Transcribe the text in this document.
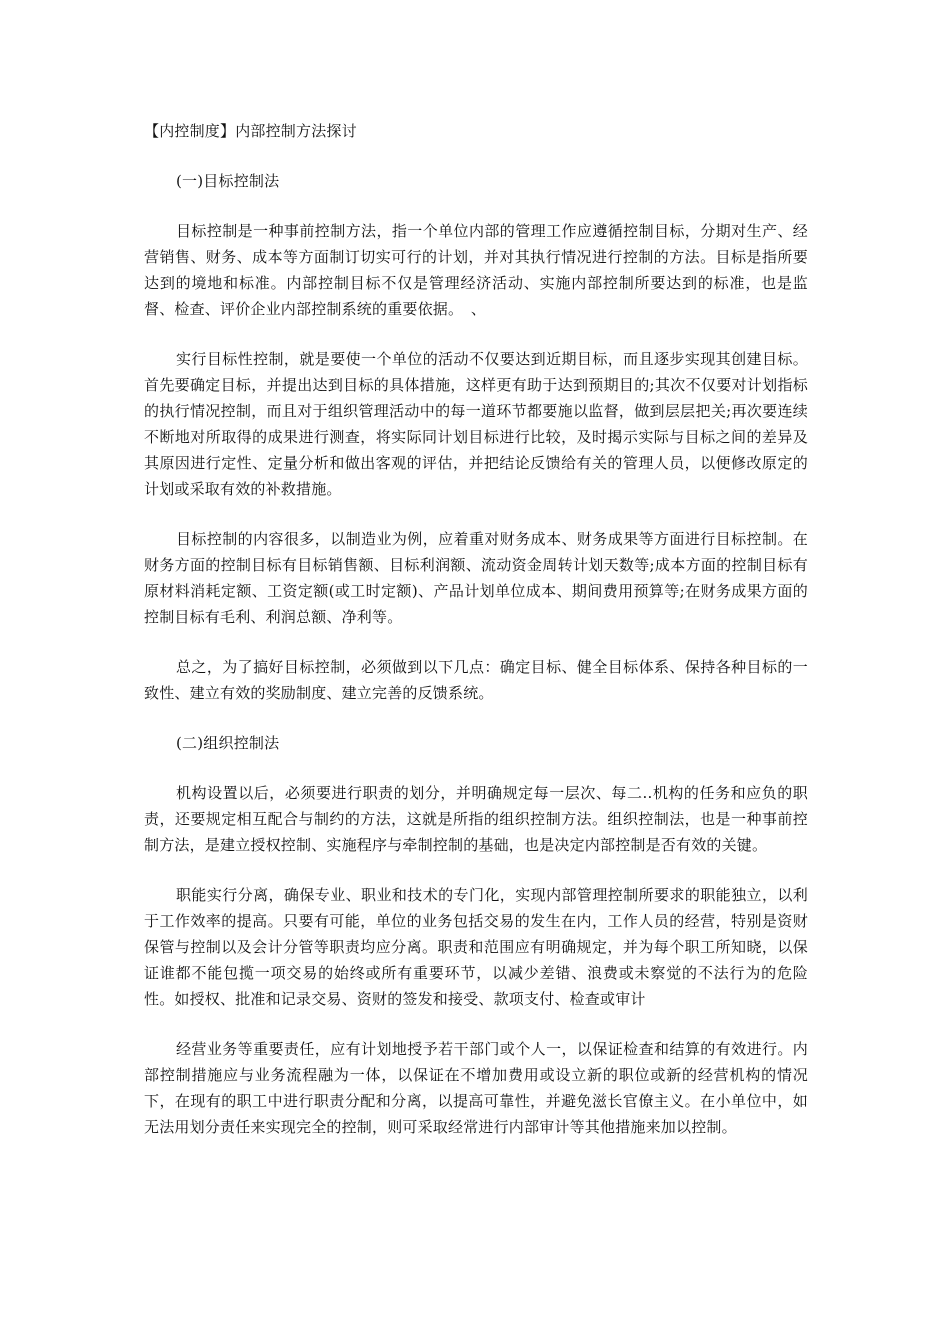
【内控制度】内部控制方法探讨

(一)目标控制法

目标控制是一种事前控制方法，指一个单位内部的管理工作应遵循控制目标，分期对生产、经营销售、财务、成本等方面制订切实可行的计划，并对其执行情况进行控制的方法。目标是指所要达到的境地和标准。内部控制目标不仅是管理经济活动、实施内部控制所要达到的标准，也是监督、检查、评价企业内部控制系统的重要依据。　、

实行目标性控制，就是要使一个单位的活动不仅要达到近期目标，而且逐步实现其创建目标。首先要确定目标，并提出达到目标的具体措施，这样更有助于达到预期目的;其次不仅要对计划指标的执行情况控制，而且对于组织管理活动中的每一道环节都要施以监督，做到层层把关;再次要连续不断地对所取得的成果进行测查，将实际同计划目标进行比较，及时揭示实际与目标之间的差异及其原因进行定性、定量分析和做出客观的评估，并把结论反馈给有关的管理人员，以便修改原定的计划或采取有效的补救措施。

目标控制的内容很多，以制造业为例，应着重对财务成本、财务成果等方面进行目标控制。在财务方面的控制目标有目标销售额、目标利润额、流动资金周转计划天数等;成本方面的控制目标有原材料消耗定额、工资定额(或工时定额)、产品计划单位成本、期间费用预算等;在财务成果方面的控制目标有毛利、利润总额、净利等。

总之，为了搞好目标控制，必须做到以下几点：确定目标、健全目标体系、保持各种目标的一致性、建立有效的奖励制度、建立完善的反馈系统。

(二)组织控制法

机构设置以后，必须要进行职责的划分，并明确规定每一层次、每二..机构的任务和应负的职责，还要规定相互配合与制约的方法，这就是所指的组织控制方法。组织控制法，也是一种事前控制方法，是建立授权控制、实施程序与牵制控制的基础，也是决定内部控制是否有效的关键。

职能实行分离，确保专业、职业和技术的专门化，实现内部管理控制所要求的职能独立，以利于工作效率的提高。只要有可能，单位的业务包括交易的发生在内，工作人员的经营，特别是资财保管与控制以及会计分管等职责均应分离。职责和范围应有明确规定，并为每个职工所知晓，以保证谁都不能包揽一项交易的始终或所有重要环节，以减少差错、浪费或未察觉的不法行为的危险性。如授权、批准和记录交易、资财的签发和接受、款项支付、检查或审计

经营业务等重要责任，应有计划地授予若干部门或个人一，以保证检查和结算的有效进行。内部控制措施应与业务流程融为一体，以保证在不增加费用或设立新的职位或新的经营机构的情况下，在现有的职工中进行职责分配和分离，以提高可靠性，并避免滋长官僚主义。在小单位中，如无法用划分责任来实现完全的控制，则可采取经常进行内部审计等其他措施来加以控制。
